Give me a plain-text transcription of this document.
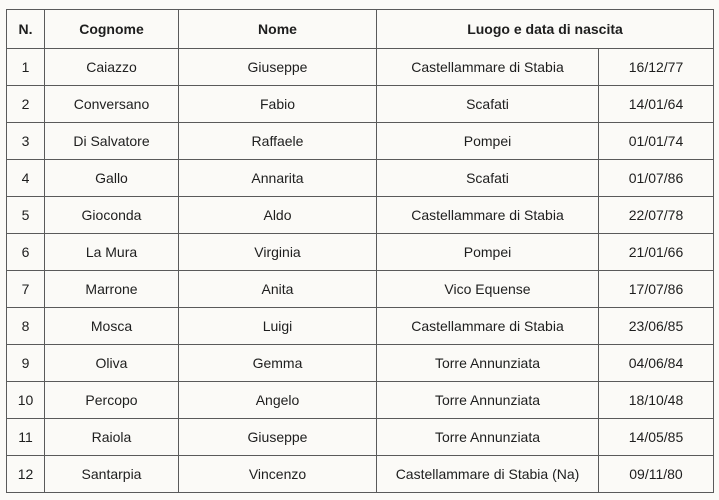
N.	Cognome	Nome	Luogo e data di nascita	
1	Caiazzo	Giuseppe	Castellammare di Stabia	16/12/77
2	Conversano	Fabio	Scafati	14/01/64
3	Di Salvatore	Raffaele	Pompei	01/01/74
4	Gallo	Annarita	Scafati	01/07/86
5	Gioconda	Aldo	Castellammare di Stabia	22/07/78
6	La Mura	Virginia	Pompei	21/01/66
7	Marrone	Anita	Vico Equense	17/07/86
8	Mosca	Luigi	Castellammare di Stabia	23/06/85
9	Oliva	Gemma	Torre Annunziata	04/06/84
10	Percopo	Angelo	Torre Annunziata	18/10/48
11	Raiola	Giuseppe	Torre Annunziata	14/05/85
12	Santarpia	Vincenzo	Castellammare di Stabia (Na)	09/11/80
